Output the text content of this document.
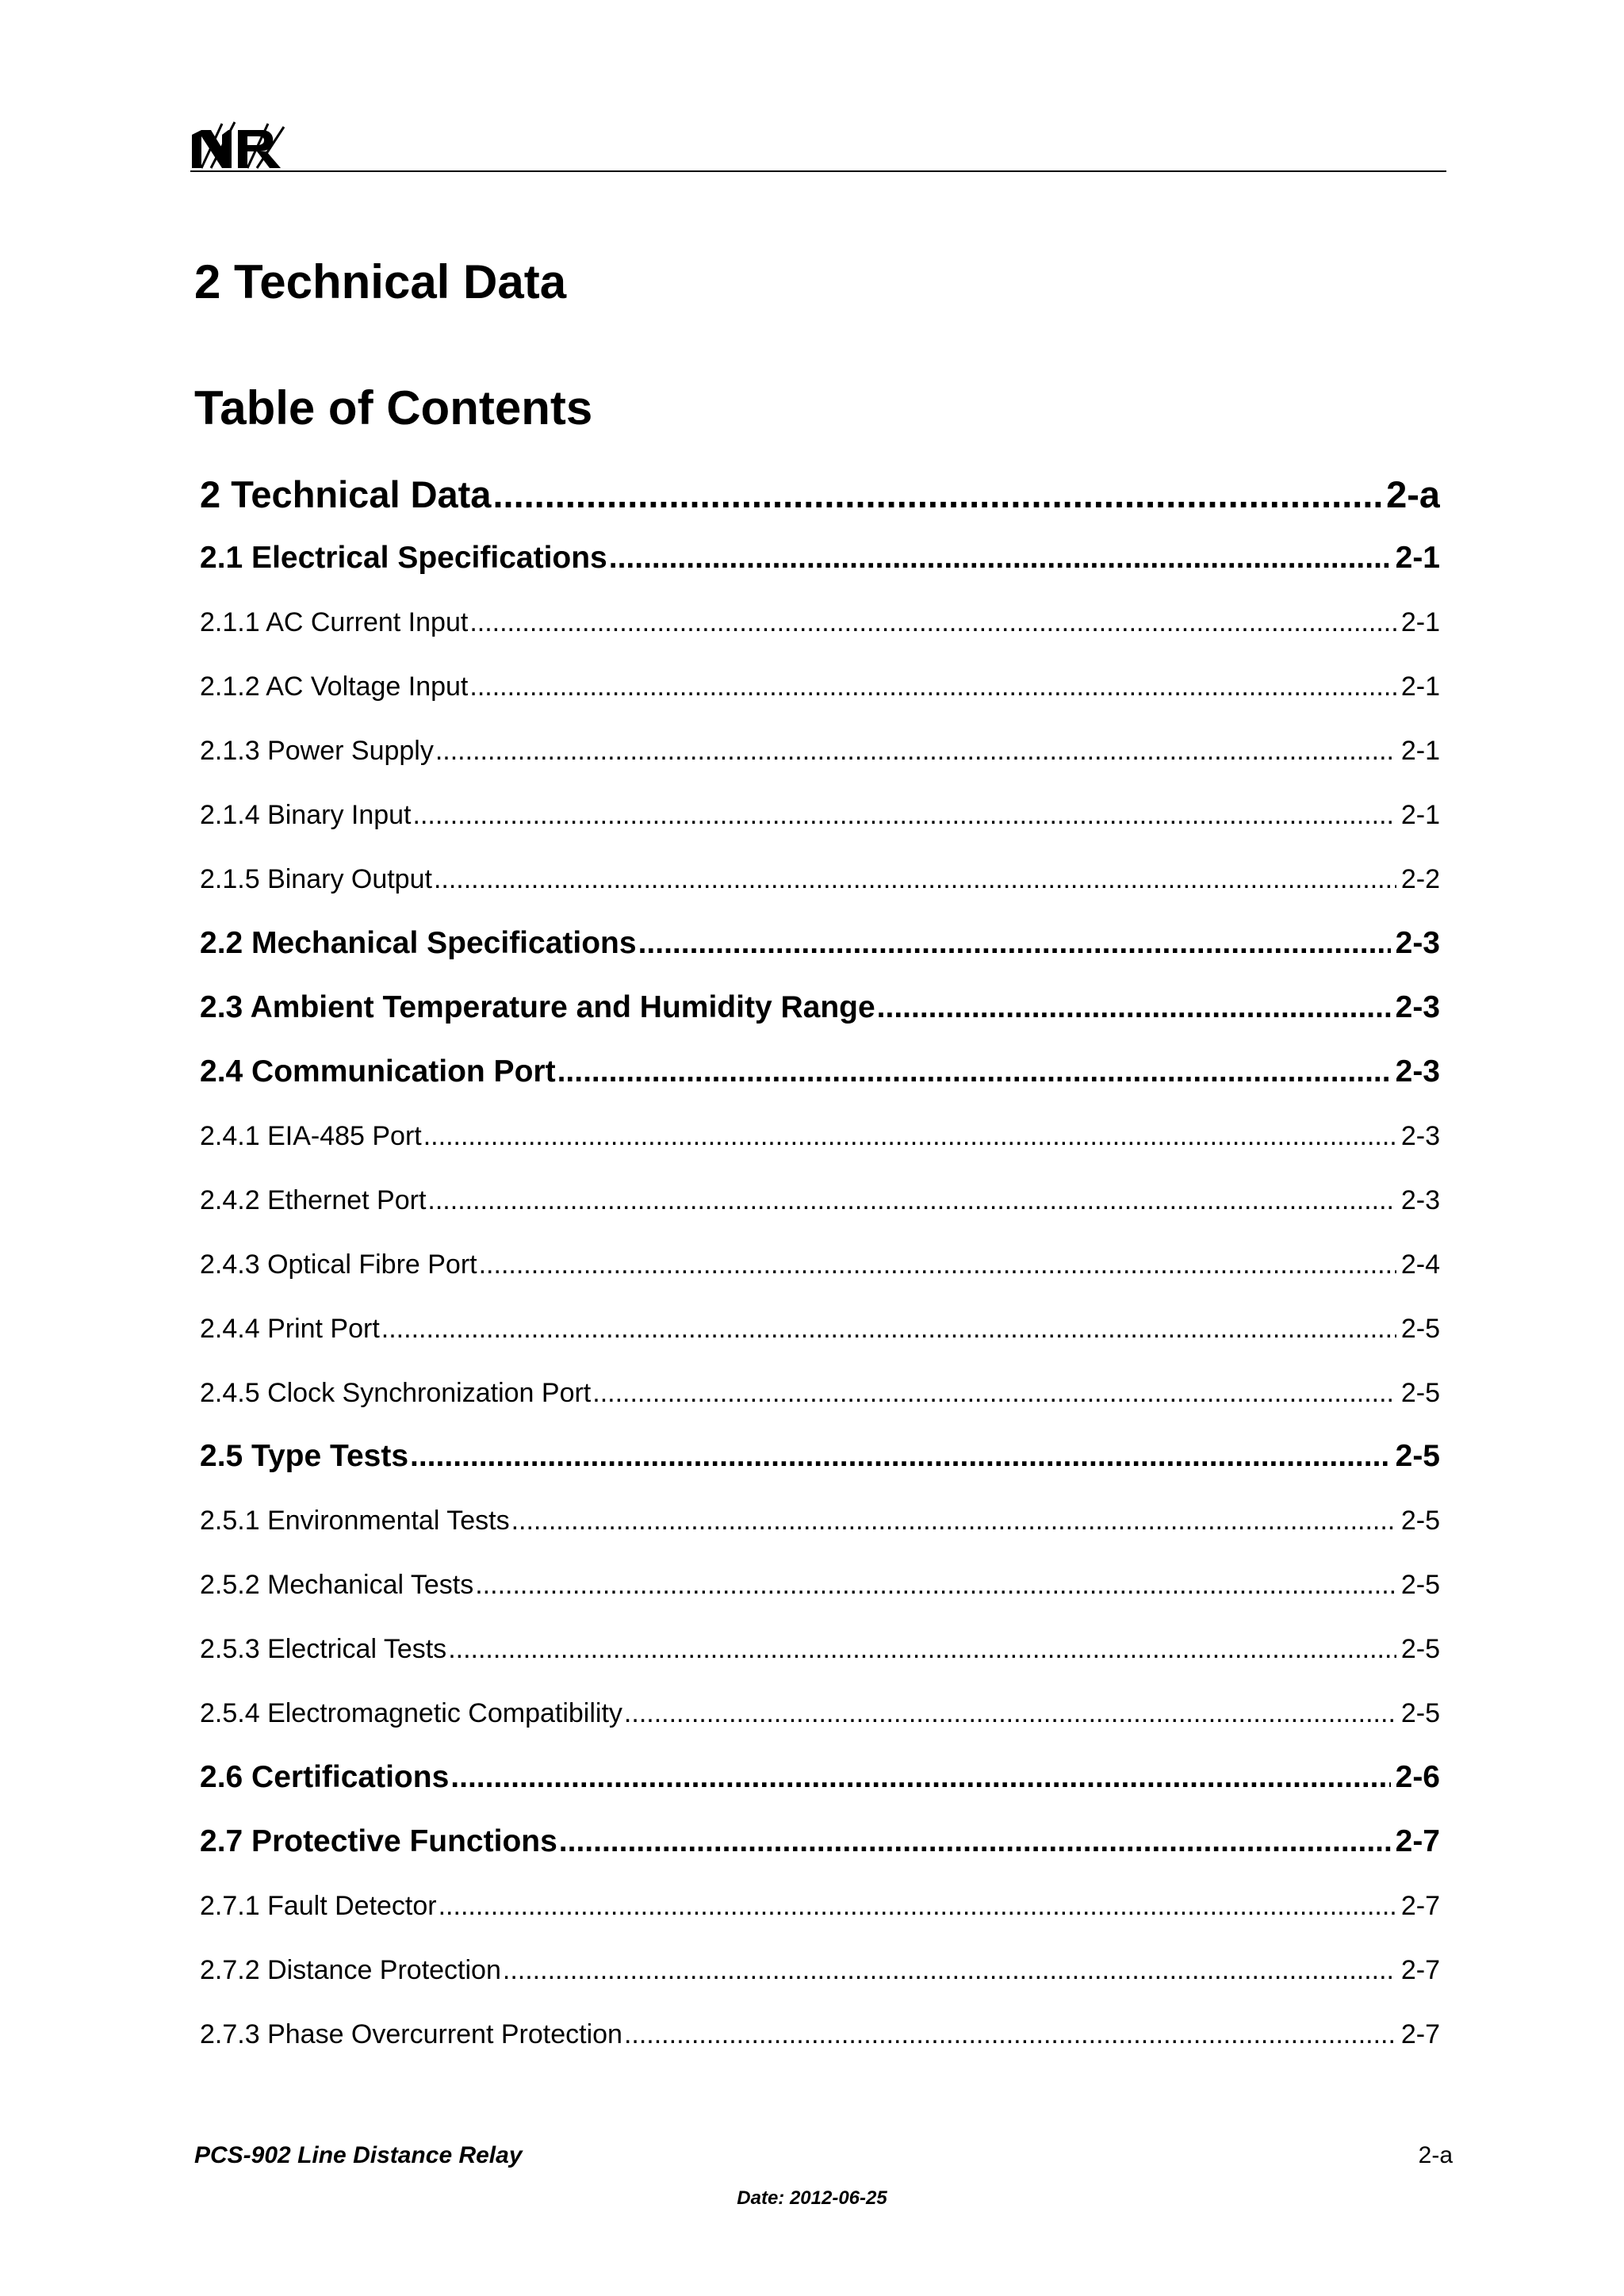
2 Technical Data
Table of Contents
2 Technical Data .....	2-a
2.1 Electrical Specifications .....	2-1
2.1.1 AC Current Input .....	2-1
2.1.2 AC Voltage Input .....	2-1
2.1.3 Power Supply .....	2-1
2.1.4 Binary Input .....	2-1
2.1.5 Binary Output .....	2-2
2.2 Mechanical Specifications .....	2-3
2.3 Ambient Temperature and Humidity Range .....	2-3
2.4 Communication Port .....	2-3
2.4.1 EIA-485 Port .....	2-3
2.4.2 Ethernet Port .....	2-3
2.4.3 Optical Fibre Port .....	2-4
2.4.4 Print Port .....	2-5
2.4.5 Clock Synchronization Port .....	2-5
2.5 Type Tests .....	2-5
2.5.1 Environmental Tests .....	2-5
2.5.2 Mechanical Tests .....	2-5
2.5.3 Electrical Tests .....	2-5
2.5.4 Electromagnetic Compatibility .....	2-5
2.6 Certifications .....	2-6
2.7 Protective Functions .....	2-7
2.7.1 Fault Detector .....	2-7
2.7.2 Distance Protection .....	2-7
2.7.3 Phase Overcurrent Protection .....	2-7
PCS-902 Line Distance Relay	2-a
Date: 2012-06-25
